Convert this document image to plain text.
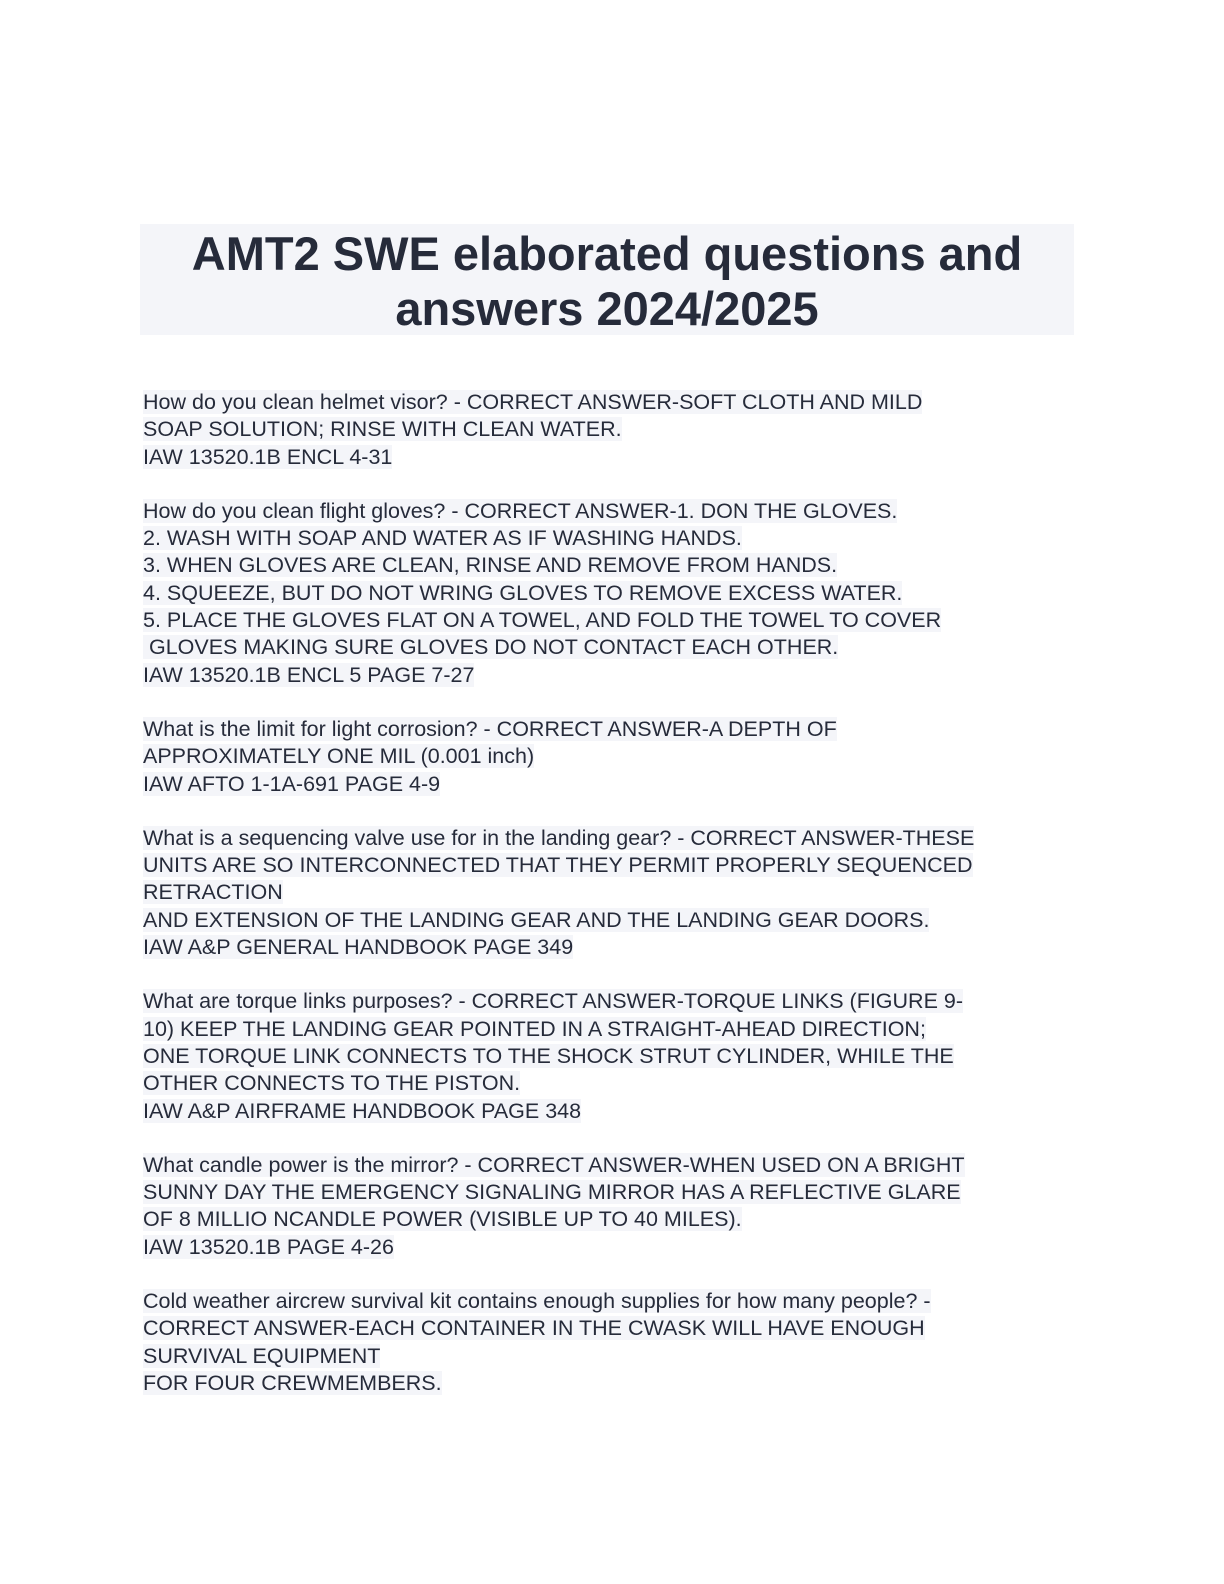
AMT2 SWE elaborated questions and
answers 2024/2025
How do you clean helmet visor? - CORRECT ANSWER-SOFT CLOTH AND MILD
SOAP SOLUTION; RINSE WITH CLEAN WATER.
IAW 13520.1B ENCL 4-31
How do you clean flight gloves? - CORRECT ANSWER-1. DON THE GLOVES.
2. WASH WITH SOAP AND WATER AS IF WASHING HANDS.
3. WHEN GLOVES ARE CLEAN, RINSE AND REMOVE FROM HANDS.
4. SQUEEZE, BUT DO NOT WRING GLOVES TO REMOVE EXCESS WATER.
5. PLACE THE GLOVES FLAT ON A TOWEL, AND FOLD THE TOWEL TO COVER
GLOVES MAKING SURE GLOVES DO NOT CONTACT EACH OTHER.
IAW 13520.1B ENCL 5 PAGE 7-27
What is the limit for light corrosion? - CORRECT ANSWER-A DEPTH OF
APPROXIMATELY ONE MIL (0.001 inch)
IAW AFTO 1-1A-691 PAGE 4-9
What is a sequencing valve use for in the landing gear? - CORRECT ANSWER-THESE
UNITS ARE SO INTERCONNECTED THAT THEY PERMIT PROPERLY SEQUENCED
RETRACTION
AND EXTENSION OF THE LANDING GEAR AND THE LANDING GEAR DOORS.
IAW A&P GENERAL HANDBOOK PAGE 349
What are torque links purposes? - CORRECT ANSWER-TORQUE LINKS (FIGURE 9-
10) KEEP THE LANDING GEAR POINTED IN A STRAIGHT-AHEAD DIRECTION;
ONE TORQUE LINK CONNECTS TO THE SHOCK STRUT CYLINDER, WHILE THE
OTHER CONNECTS TO THE PISTON.
IAW A&P AIRFRAME HANDBOOK PAGE 348
What candle power is the mirror? - CORRECT ANSWER-WHEN USED ON A BRIGHT
SUNNY DAY THE EMERGENCY SIGNALING MIRROR HAS A REFLECTIVE GLARE
OF 8 MILLIO NCANDLE POWER (VISIBLE UP TO 40 MILES).
IAW 13520.1B PAGE 4-26
Cold weather aircrew survival kit contains enough supplies for how many people? -
CORRECT ANSWER-EACH CONTAINER IN THE CWASK WILL HAVE ENOUGH
SURVIVAL EQUIPMENT
FOR FOUR CREWMEMBERS.
